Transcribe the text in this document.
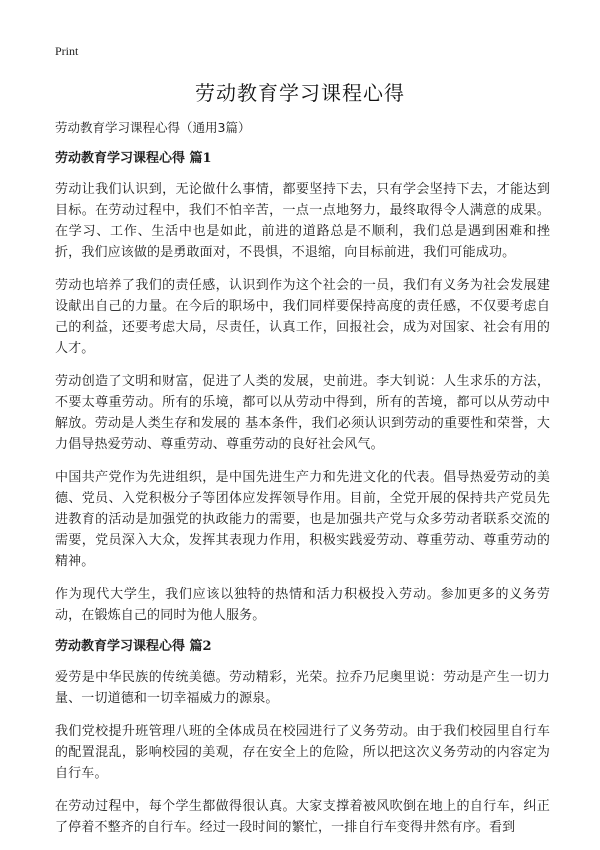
Print
劳动教育学习课程心得
劳动教育学习课程心得（通用3篇）
劳动教育学习课程心得 篇1

劳动让我们认识到，无论做什么事情，都要坚持下去，只有学会坚持下去，才能达到目标。在劳动过程中，我们不怕辛苦，一点一点地努力，最终取得令人满意的成果。在学习、工作、生活中也是如此，前进的道路总是不顺利，我们总是遇到困难和挫折，我们应该做的是勇敢面对，不畏惧，不退缩，向目标前进，我们可能成功。

劳动也培养了我们的责任感，认识到作为这个社会的一员，我们有义务为社会发展建设献出自己的力量。在今后的职场中，我们同样要保持高度的责任感，不仅要考虑自己的利益，还要考虑大局，尽责任，认真工作，回报社会，成为对国家、社会有用的人才。

劳动创造了文明和财富，促进了人类的发展，史前进。李大钊说：人生求乐的方法，不要太尊重劳动。所有的乐境，都可以从劳动中得到，所有的苦境，都可以从劳动中解放。劳动是人类生存和发展的 基本条件，我们必须认识到劳动的重要性和荣誉，大力倡导热爱劳动、尊重劳动、尊重劳动的良好社会风气。

中国共产党作为先进组织，是中国先进生产力和先进文化的代表。倡导热爱劳动的美德、党员、入党积极分子等团体应发挥领导作用。目前，全党开展的保持共产党员先进教育的活动是加强党的执政能力的需要，也是加强共产党与众多劳动者联系交流的需要，党员深入大众，发挥其表现力作用，积极实践爱劳动、尊重劳动、尊重劳动的精神。

作为现代大学生，我们应该以独特的热情和活力积极投入劳动。参加更多的义务劳动，在锻炼自己的同时为他人服务。

劳动教育学习课程心得 篇2

爱劳是中华民族的传统美德。劳动精彩，光荣。拉乔乃尼奥里说：劳动是产生一切力量、一切道德和一切幸福威力的源泉。

我们党校提升班管理八班的全体成员在校园进行了义务劳动。由于我们校园里自行车的配置混乱，影响校园的美观，存在安全上的危险，所以把这次义务劳动的内容定为自行车。

在劳动过程中，每个学生都做得很认真。大家支撑着被风吹倒在地上的自行车，纠正了停着不整齐的自行车。经过一段时间的繁忙，一排自行车变得井然有序。看到
